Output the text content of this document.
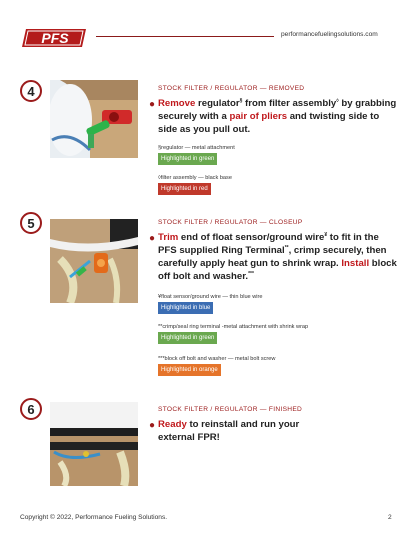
PFS	performancefuelingsolutions.com
4	STOCK FILTER / REGULATOR — REMOVED
● Remove regulator§ from filter assembly◊ by grabbing securely with a pair of pliers and twisting side to side as you pull out.
§regulator — metal attachment
Highlighted in green
◊filter assembly — black base
Highlighted in red
5	STOCK FILTER / REGULATOR — CLOSEUP
● Trim end of float sensor/ground wire¥ to fit in the PFS supplied Ring Terminal**, crimp securely, then carefully apply heat gun to shrink wrap. Install block off bolt and washer.***
¥float sensor/ground wire — thin blue wire
Highlighted in blue
**crimp/seal ring terminal -metal attachment with shrink wrap
Highlighted in green
***block off bolt and washer — metal bolt screw
Highlighted in orange
6	STOCK FILTER / REGULATOR — FINISHED
● Ready to reinstall and run your external FPR!
Copyright © 2022, Performance Fueling Solutions.	2
